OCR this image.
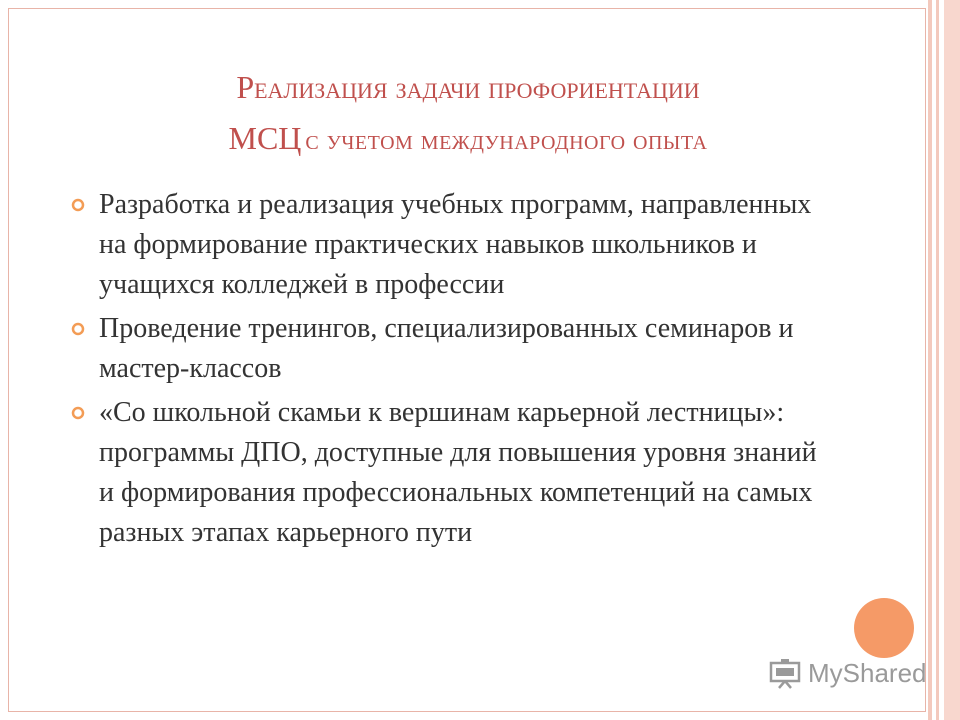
Реализация задачи профориентации
МСЦ с учетом международного опыта
Разработка и реализация учебных программ, направленных на формирование практических навыков школьников и учащихся колледжей в профессии
Проведение тренингов, специализированных семинаров и мастер-классов
«Со школьной скамьи к вершинам карьерной лестницы»: программы ДПО, доступные для повышения уровня знаний и формирования профессиональных компетенций на самых разных этапах карьерного пути
MyShared
